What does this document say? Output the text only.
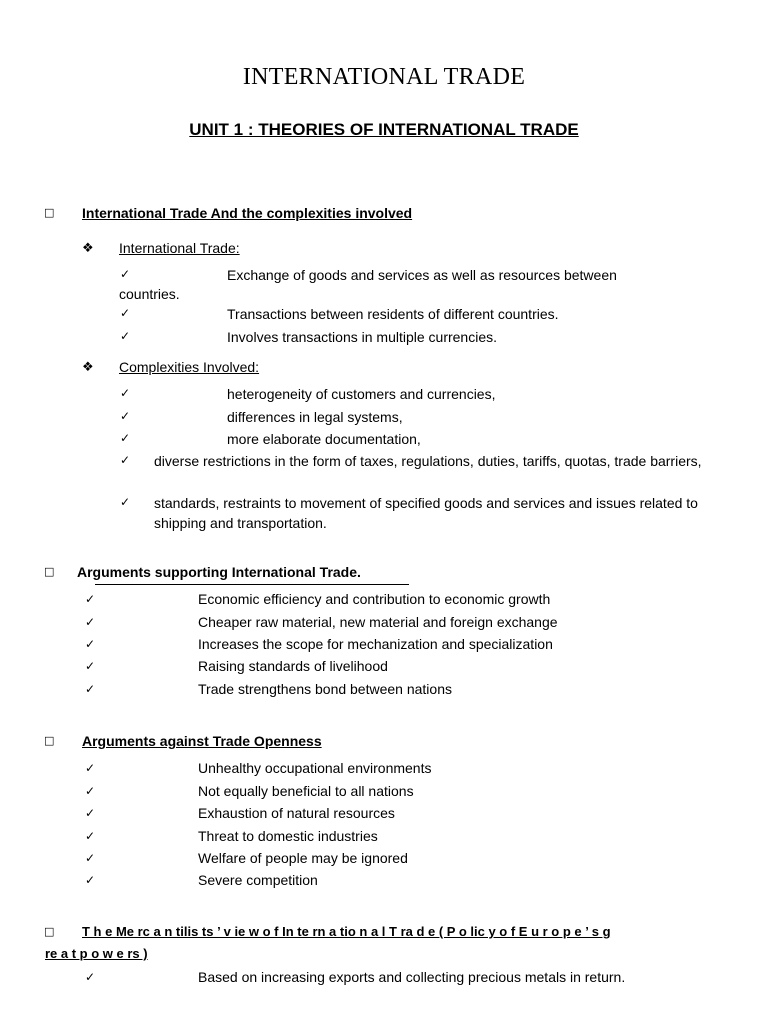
INTERNATIONAL TRADE
UNIT 1 : THEORIES OF INTERNATIONAL TRADE
□ International Trade And the complexities involved
❖ International Trade:
✓	Exchange of goods and services as well as resources between
countries.
✓	Transactions between residents of different countries.
✓	Involves transactions in multiple currencies.
❖ Complexities Involved:
✓	heterogeneity of customers and currencies,
✓	differences in legal systems,
✓	more elaborate documentation,
✓ diverse restrictions in the form of taxes, regulations, duties, tariffs, quotas, trade barriers,
✓ standards, restraints to movement of specified goods and services and issues related to shipping and transportation.
□ Arguments supporting International Trade.
✓	Economic efficiency and contribution to economic growth
✓	Cheaper raw material, new material and foreign exchange
✓	Increases the scope for mechanization and specialization
✓	Raising standards of livelihood
✓	Trade strengthens bond between nations
□ Arguments against Trade Openness
✓	Unhealthy occupational environments
✓	Not equally beneficial to all nations
✓	Exhaustion of natural resources
✓	Threat to domestic industries
✓	Welfare of people may be ignored
✓	Severe competition
□ T h e Me rc a n tilis ts ’ v ie w o f In te rn a tio n a l T ra d e ( P o lic y o f E u r o p e ’ s g
re a t p o w e rs )
✓	Based on increasing exports and collecting precious metals in return.
